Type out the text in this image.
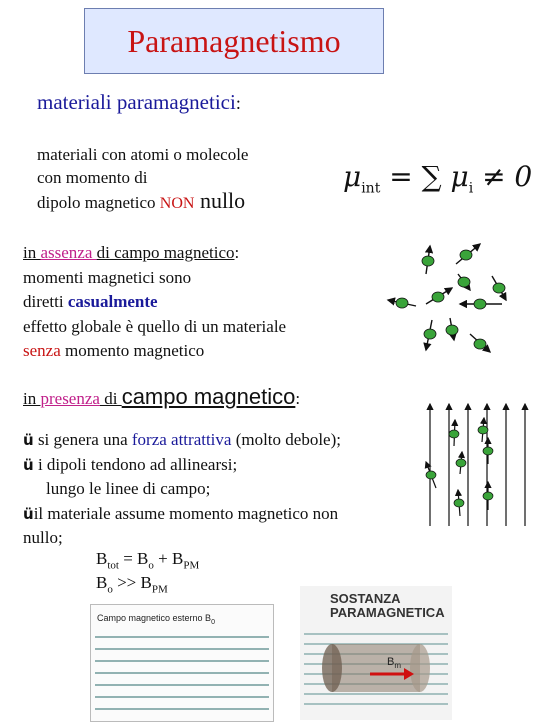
Paramagnetismo
materiali paramagnetici:
materiali con atomi o molecole
con momento di
dipolo magnetico NON nullo
$\mu_{int}$ = ∑ $\mu_i \ne 0$
in assenza di campo magnetico:
momenti magnetici sono
diretti casualmente
effetto globale è quello di un materiale
senza momento magnetico
in presenza di campo magnetico:
ü si genera una forza attrattiva (molto debole);
ü i dipoli tendono ad allinearsi;
lungo le linee di campo;
üil materiale assume momento magnetico non
nullo;
$B_{tot} = B_o + B_{PM}$
$B_o >> B_{PM}$
Campo magnetico esterno $B_0$
SOSTANZA
PARAMAGNETICA
$B_m$
